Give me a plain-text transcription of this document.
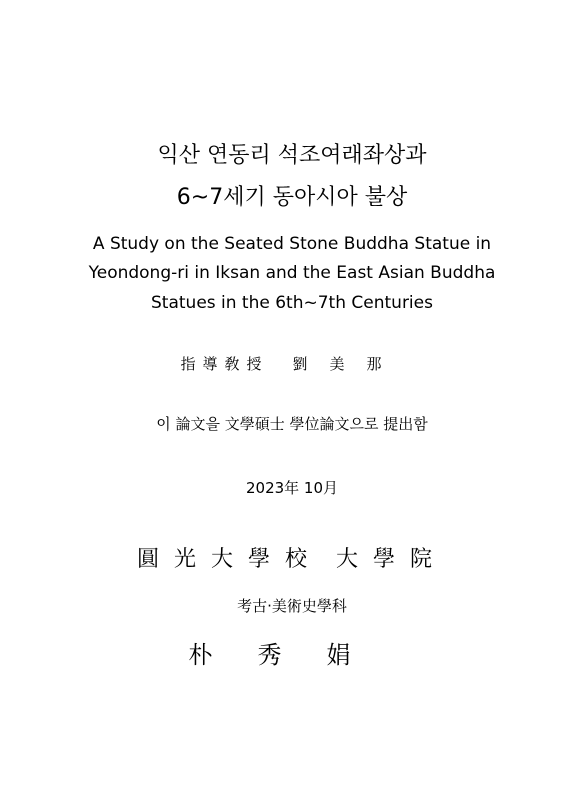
익산 연동리 석조여래좌상과
6~7세기 동아시아 불상
A Study on the Seated Stone Buddha Statue in
Yeondong-ri in Iksan and the East Asian Buddha
Statues in the 6th~7th Centuries
指導敎授 劉美那
이 論文을 文學碩士 學位論文으로 提出함
2023年 10月
圓光大學校 大學院
考古·美術史學科
朴秀娟
